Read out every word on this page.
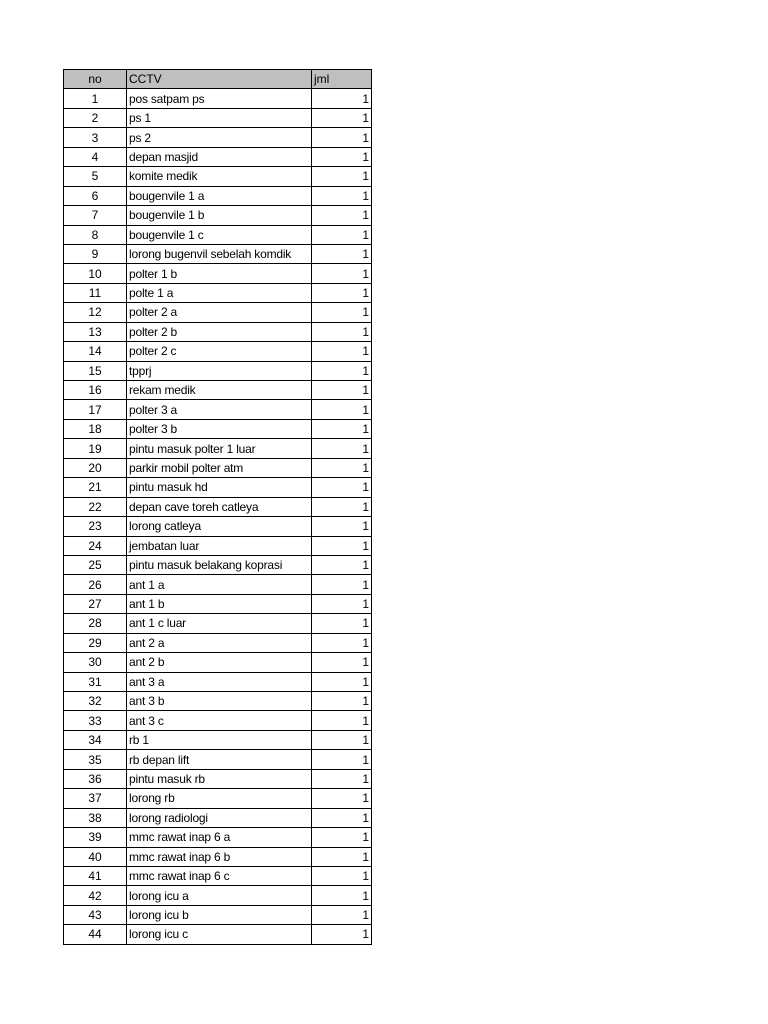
no	CCTV	jml
1	pos satpam ps	1
2	ps 1	1
3	ps 2	1
4	depan masjid	1
5	komite medik	1
6	bougenvile 1 a	1
7	bougenvile 1 b	1
8	bougenvile 1 c	1
9	lorong bugenvil sebelah komdik	1
10	polter 1 b	1
11	polte 1 a	1
12	polter 2 a	1
13	polter 2 b	1
14	polter 2 c	1
15	tpprj	1
16	rekam medik	1
17	polter 3 a	1
18	polter 3 b	1
19	pintu masuk polter 1 luar	1
20	parkir mobil polter atm	1
21	pintu masuk hd	1
22	depan cave toreh catleya	1
23	lorong catleya	1
24	jembatan luar	1
25	pintu masuk belakang koprasi	1
26	ant 1 a	1
27	ant 1 b	1
28	ant 1 c luar	1
29	ant 2 a	1
30	ant 2 b	1
31	ant 3 a	1
32	ant 3 b	1
33	ant 3 c	1
34	rb 1	1
35	rb depan lift	1
36	pintu masuk rb	1
37	lorong rb	1
38	lorong radiologi	1
39	mmc rawat inap 6 a	1
40	mmc rawat inap 6 b	1
41	mmc rawat inap 6 c	1
42	lorong icu a	1
43	lorong icu b	1
44	lorong icu c	1
